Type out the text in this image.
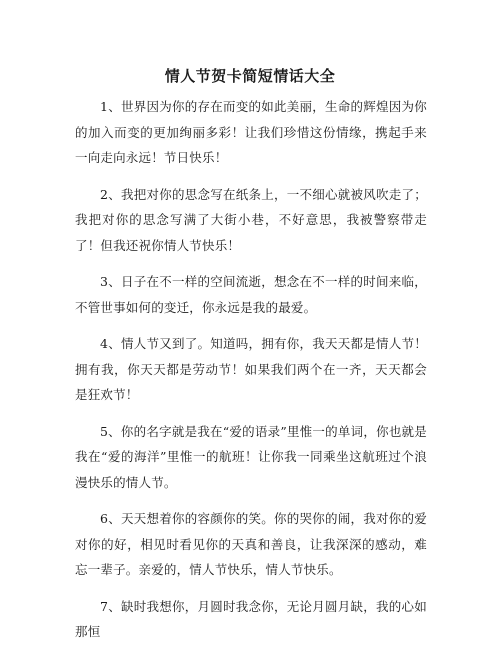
情人节贺卡简短情话大全

1、世界因为你的存在而变的如此美丽，生命的辉煌因为你的加入而变的更加绚丽多彩！让我们珍惜这份情缘，携起手来一向走向永远！节日快乐！

2、我把对你的思念写在纸条上，一不细心就被风吹走了；我把对你的思念写满了大街小巷，不好意思，我被警察带走了！但我还祝你情人节快乐！

3、日子在不一样的空间流逝，想念在不一样的时间来临，不管世事如何的变迁，你永远是我的最爱。

4、情人节又到了。知道吗，拥有你，我天天都是情人节！拥有我，你天天都是劳动节！如果我们两个在一齐，天天都会是狂欢节！

5、你的名字就是我在“爱的语录”里惟一的单词，你也就是我在“爱的海洋”里惟一的航班！让你我一同乘坐这航班过个浪漫快乐的情人节。

6、天天想着你的容颜你的笑。你的哭你的闹，我对你的爱对你的好，相见时看见你的天真和善良，让我深深的感动，难忘一辈子。亲爱的，情人节快乐，情人节快乐。

7、缺时我想你，月圆时我念你，无论月圆月缺，我的心如那恒
